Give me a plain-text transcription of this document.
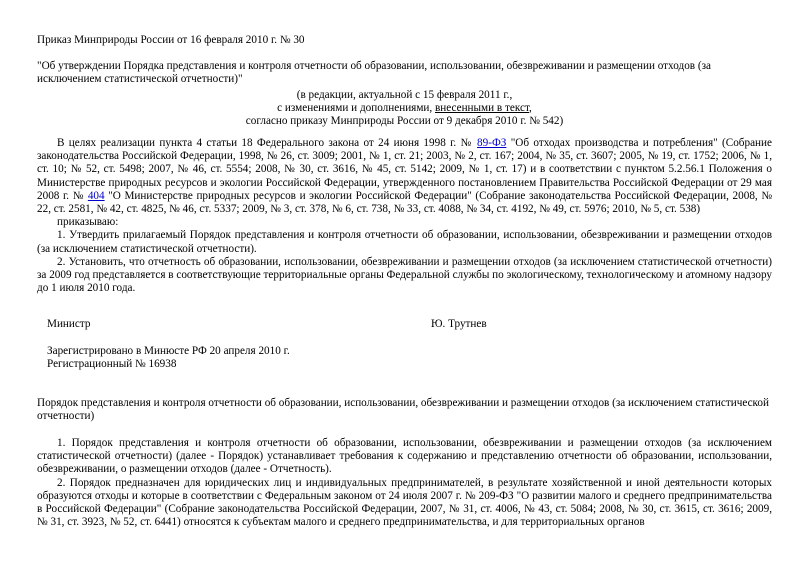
Приказ Минприроды России от 16 февраля 2010 г. № 30
"Об утверждении Порядка представления и контроля отчетности об образовании, использовании, обезвреживании и размещении отходов (за исключением статистической отчетности)"
(в редакции, актуальной с 15 февраля 2011 г.,
с изменениями и дополнениями, внесенными в текст,
согласно приказу Минприроды России от 9 декабря 2010 г. № 542)

В целях реализации пункта 4 статьи 18 Федерального закона от 24 июня 1998 г. № 89-ФЗ "Об отходах производства и потребления" (Собрание законодательства Российской Федерации, 1998, № 26, ст. 3009; 2001, № 1, ст. 21; 2003, № 2, ст. 167; 2004, № 35, ст. 3607; 2005, № 19, ст. 1752; 2006, № 1, ст. 10; № 52, ст. 5498; 2007, № 46, ст. 5554; 2008, № 30, ст. 3616, № 45, ст. 5142; 2009, № 1, ст. 17) и в соответствии с пунктом 5.2.56.1 Положения о Министерстве природных ресурсов и экологии Российской Федерации, утвержденного постановлением Правительства Российской Федерации от 29 мая 2008 г. № 404 "О Министерстве природных ресурсов и экологии Российской Федерации" (Собрание законодательства Российской Федерации, 2008, № 22, ст. 2581, № 42, ст. 4825, № 46, ст. 5337; 2009, № 3, ст. 378, № 6, ст. 738, № 33, ст. 4088, № 34, ст. 4192, № 49, ст. 5976; 2010, № 5, ст. 538)

приказываю:

1. Утвердить прилагаемый Порядок представления и контроля отчетности об образовании, использовании, обезвреживании и размещении отходов (за исключением статистической отчетности).

2. Установить, что отчетность об образовании, использовании, обезвреживании и размещении отходов (за исключением статистической отчетности) за 2009 год представляется в соответствующие территориальные органы Федеральной службы по экологическому, технологическому и атомному надзору до 1 июля 2010 года.

Министр	Ю. Трутнев
Зарегистрировано в Минюсте РФ 20 апреля 2010 г.
Регистрационный № 16938
Порядок представления и контроля отчетности об образовании, использовании, обезвреживании и размещении отходов (за исключением статистической отчетности)

1. Порядок представления и контроля отчетности об образовании, использовании, обезвреживании и размещении отходов (за исключением статистической отчетности) (далее - Порядок) устанавливает требования к содержанию и представлению отчетности об образовании, использовании, обезвреживании, о размещении отходов (далее - Отчетность).

2. Порядок предназначен для юридических лиц и индивидуальных предпринимателей, в результате хозяйственной и иной деятельности которых образуются отходы и которые в соответствии с Федеральным законом от 24 июля 2007 г. № 209-ФЗ "О развитии малого и среднего предпринимательства в Российской Федерации" (Собрание законодательства Российской Федерации, 2007, № 31, ст. 4006, № 43, ст. 5084; 2008, № 30, ст. 3615, ст. 3616; 2009, № 31, ст. 3923, № 52, ст. 6441) относятся к субъектам малого и среднего предпринимательства, и для территориальных органов
